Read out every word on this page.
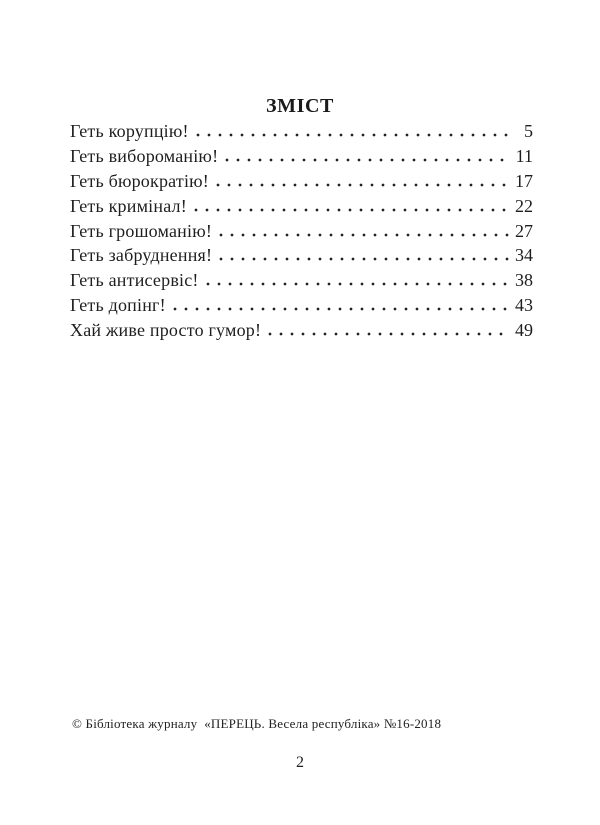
ЗМІСТ
Геть корупцію!	5
Геть вибороманію!	11
Геть бюрократію!	17
Геть кримінал!	22
Геть грошоманію!	27
Геть забруднення!	34
Геть антисервіс!	38
Геть допінг!	43
Хай живе просто гумор!	49
© Бібліотека журналу  «ПЕРЕЦЬ. Весела республіка» №16-2018
2
